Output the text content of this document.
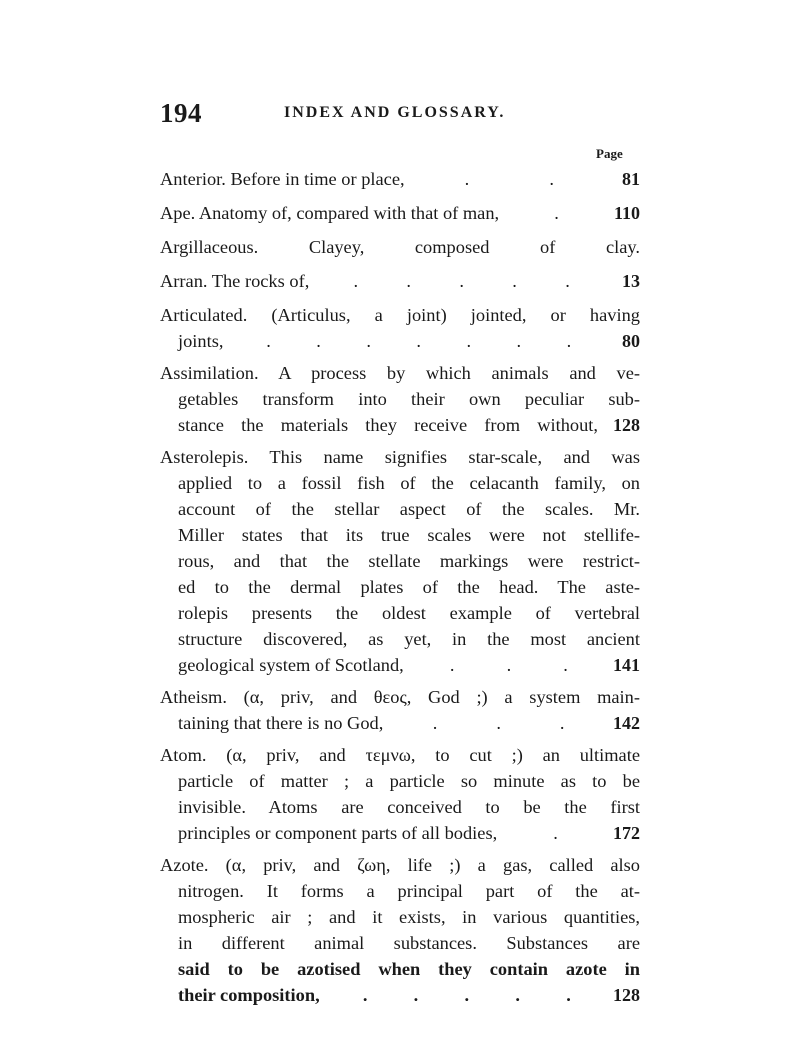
194	INDEX AND GLOSSARY.
Page
Anterior. Before in time or place,	.	.	81
Ape. Anatomy of, compared with that of man,	.	110
Argillaceous. Clayey, composed of clay.
Arran. The rocks of, .	.	.	.	.	13
Articulated. (Articulus, a joint) jointed, or having
joints, . . . . . . .	80
Assimilation. A process by which animals and ve-
getables transform into their own peculiar sub-
stance the materials they receive from without, 128
Asterolepis. This name signifies star-scale, and was
applied to a fossil fish of the celacanth family, on
account of the stellar aspect of the scales. Mr.
Miller states that its true scales were not stellife-
rous, and that the stellate markings were restrict-
ed to the dermal plates of the head. The aste-
rolepis presents the oldest example of vertebral
structure discovered, as yet, in the most ancient
geological system of Scotland,	.	.	.	141
Atheism. (α, priv, and θεος, God ;) a system main-
taining that there is no God,	.	.	.	142
Atom. (α, priv, and τεμνω, to cut ;) an ultimate
particle of matter ; a particle so minute as to be
invisible. Atoms are conceived to be the first
principles or component parts of all bodies,	.	172
Azote. (α, priv, and ζωη, life ;) a gas, called also
nitrogen. It forms a principal part of the at-
mospheric air ; and it exists, in various quantities,
in different animal substances. Substances are
said to be azotised when they contain azote in
their composition, .	.	.	.	.	128
